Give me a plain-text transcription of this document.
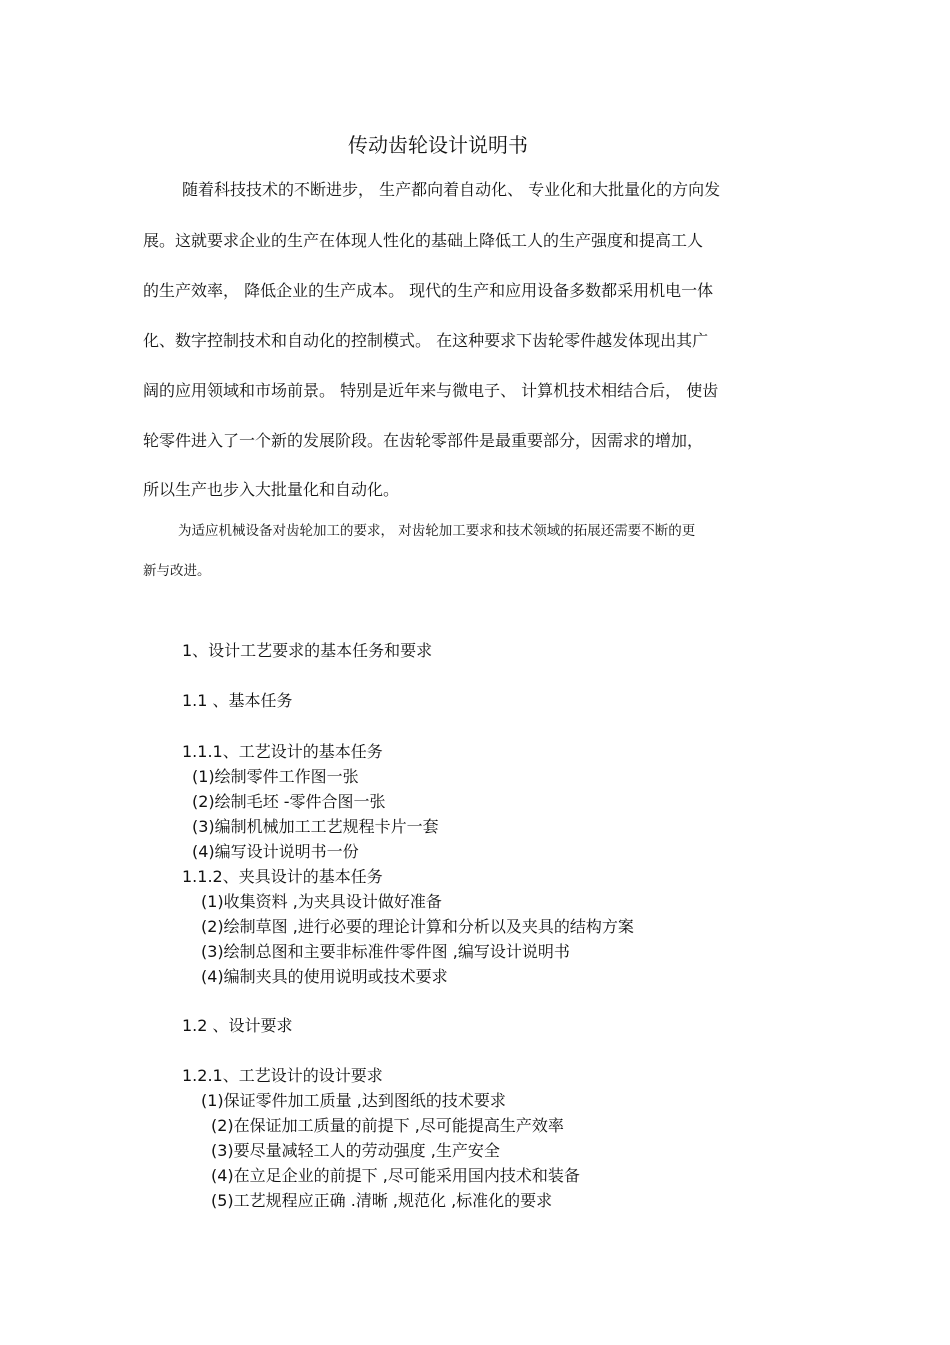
传动齿轮设计说明书
随着科技技术的不断进步， 生产都向着自动化、 专业化和大批量化的方向发
展。这就要求企业的生产在体现人性化的基础上降低工人的生产强度和提高工人
的生产效率， 降低企业的生产成本。 现代的生产和应用设备多数都采用机电一体
化、数字控制技术和自动化的控制模式。 在这种要求下齿轮零件越发体现出其广
阔的应用领域和市场前景。 特别是近年来与微电子、 计算机技术相结合后， 使齿
轮零件进入了一个新的发展阶段。在齿轮零部件是最重要部分，因需求的增加，
所以生产也步入大批量化和自动化。
为适应机械设备对齿轮加工的要求， 对齿轮加工要求和技术领域的拓展还需要不断的更
新与改进。
1、设计工艺要求的基本任务和要求
1.1 、基本任务
1.1.1、工艺设计的基本任务
(1)绘制零件工作图一张
(2)绘制毛坯 -零件合图一张
(3)编制机械加工工艺规程卡片一套
(4)编写设计说明书一份
1.1.2、夹具设计的基本任务
(1)收集资料 ,为夹具设计做好准备
(2)绘制草图 ,进行必要的理论计算和分析以及夹具的结构方案
(3)绘制总图和主要非标准件零件图 ,编写设计说明书
(4)编制夹具的使用说明或技术要求
1.2 、设计要求
1.2.1、工艺设计的设计要求
(1)保证零件加工质量 ,达到图纸的技术要求
(2)在保证加工质量的前提下 ,尽可能提高生产效率
(3)要尽量减轻工人的劳动强度 ,生产安全
(4)在立足企业的前提下 ,尽可能采用国内技术和装备
(5)工艺规程应正确 .清晰 ,规范化 ,标准化的要求
